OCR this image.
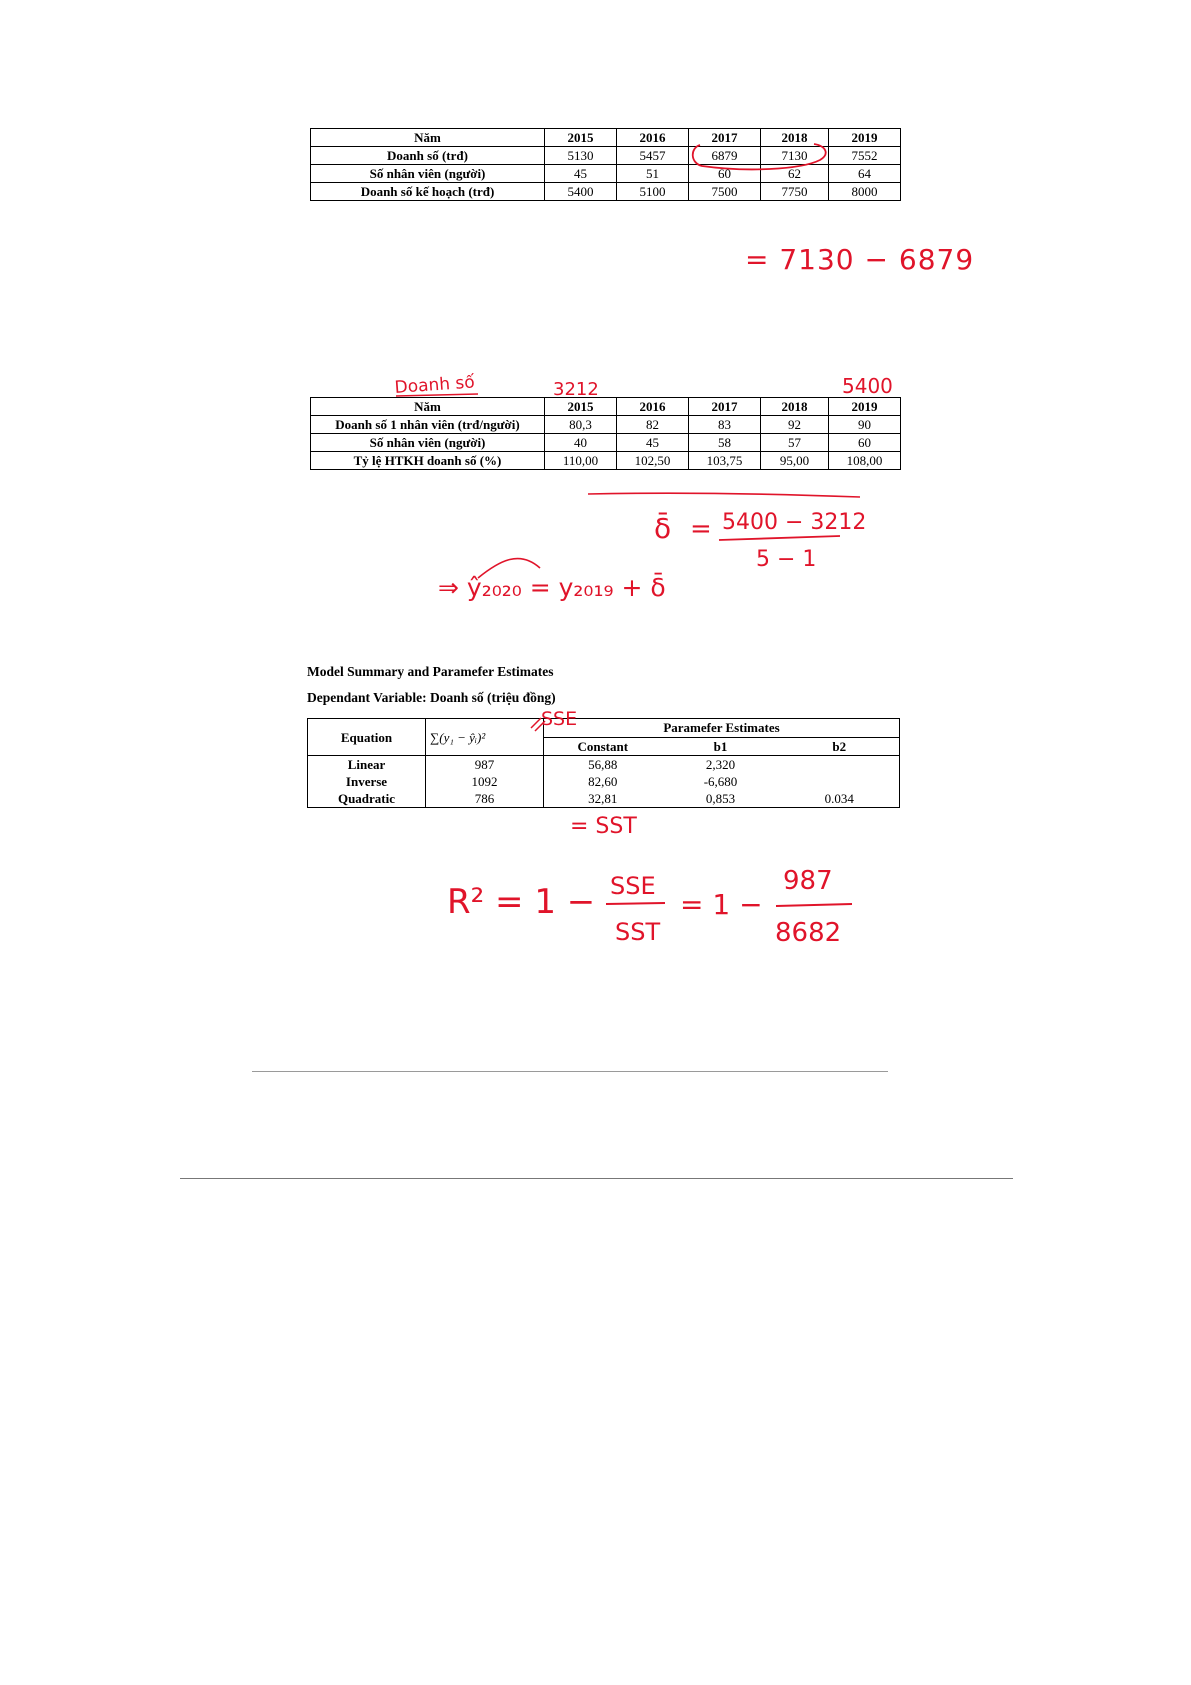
Năm	2015	2016	2017	2018	2019
Doanh số (trđ)	5130	5457	6879	7130	7552
Số nhân viên (người)	45	51	60	62	64
Doanh số kế hoạch (trđ)	5400	5100	7500	7750	8000
Năm	2015	2016	2017	2018	2019
Doanh số 1 nhân viên (trđ/người)	80,3	82	83	92	90
Số nhân viên (người)	40	45	58	57	60
Tỷ lệ HTKH doanh số (%)	110,00	102,50	103,75	95,00	108,00
Model Summary and Paramefer Estimates
Dependant Variable: Doanh số (triệu đồng)
Equation	∑(y₁ − ŷᵢ)²	Paramefer Estimates		
		Constant	b1	b2
Linear	987	56,88	2,320	
Inverse	1092	82,60	-6,680	
Quadratic	786	32,81	0,853	0.034
= 7130 − 6879
Doanh số	3212	5400
δ̄ = 5400 − 3212
5 − 1
⇒ ŷ₂₀₂₀ = y₂₀₁₉ + δ̄
SSE
= SST
R² = 1 − SSE
SST
= 1 −
987
8682
